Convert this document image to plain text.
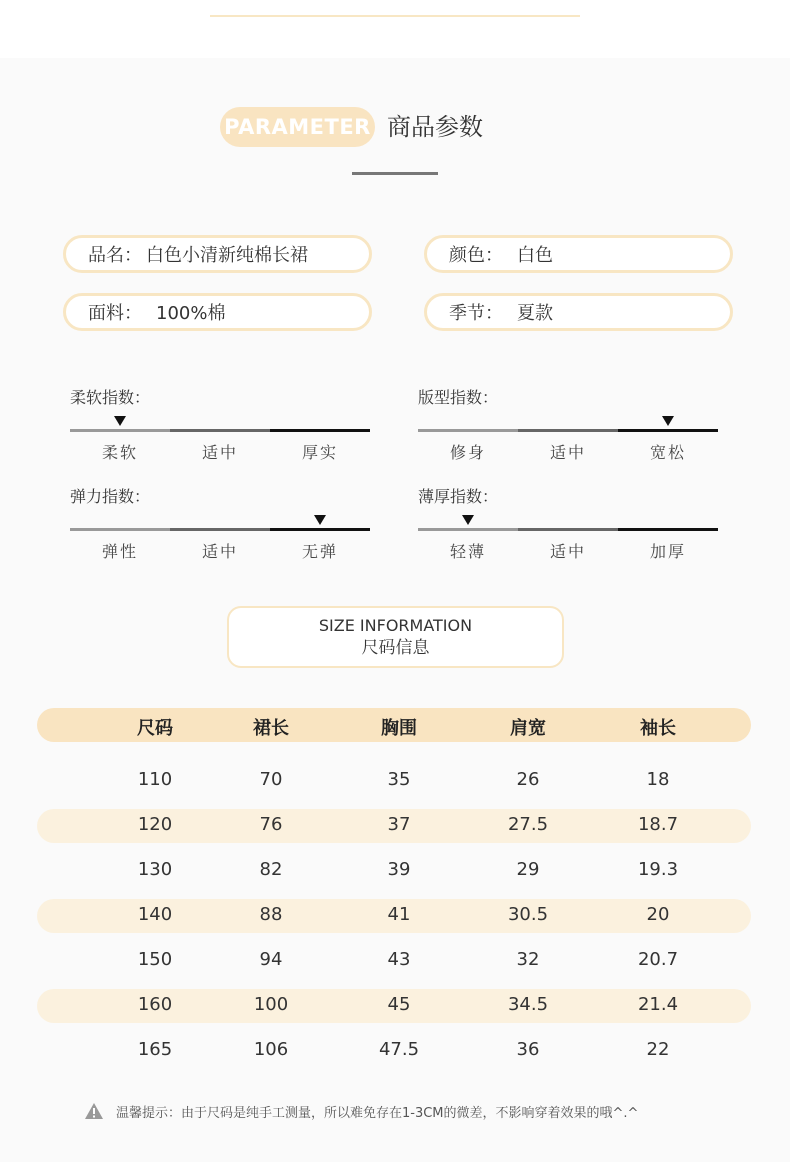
PARAMETER 商品参数
品名： 白色小清新纯棉长裙	颜色： 白色
面料： 100%棉	季节： 夏款
柔软指数：
柔软	适中	厚实
版型指数：
修身	适中	宽松
弹力指数：
弹性	适中	无弹
薄厚指数：
轻薄	适中	加厚
SIZE INFORMATION
尺码信息
尺码	裙长	胸围	肩宽	袖长
110	70	35	26	18
120	76	37	27.5	18.7
130	82	39	29	19.3
140	88	41	30.5	20
150	94	43	32	20.7
160	100	45	34.5	21.4
165	106	47.5	36	22
温馨提示：由于尺码是纯手工测量，所以难免存在1-3CM的微差，不影响穿着效果的哦^.^
